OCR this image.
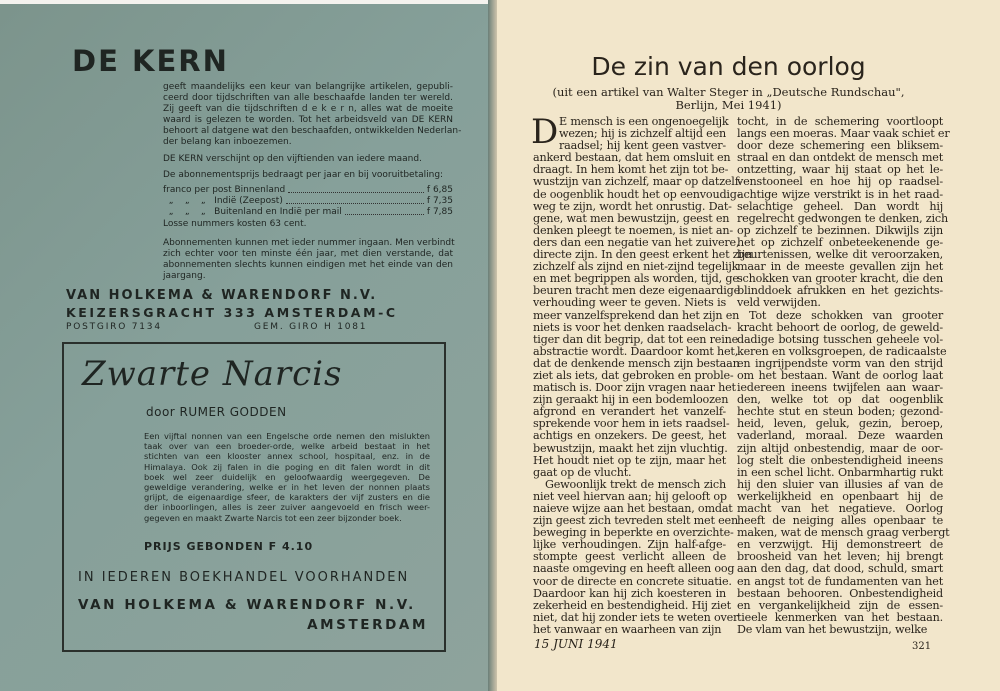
DE KERN
geeft maandelijks een keur van belangrijke artikelen, gepubli-
ceerd door tijdschriften van alle beschaafde landen ter wereld.
Zij geeft van die tijdschriften d e k e r n, alles wat de moeite
waard is gelezen te worden. Tot het arbeidsveld van DE KERN
behoort al datgene wat den beschaafden, ontwikkelden Nederlan-
der belang kan inboezemen.
DE KERN verschijnt op den vijftienden van iedere maand.
De abonnementsprijs bedraagt per jaar en bij vooruitbetaling:
franco per post Binnenland	f 6,85
„    „    „   Indië (Zeepost)	f 7,35
„    „    „   Buitenland en Indië per mail	f 7,85
Losse nummers kosten 63 cent.
Abonnementen kunnen met ieder nummer ingaan. Men verbindt
zich echter voor ten minste één jaar, met dien verstande, dat
abonnementen slechts kunnen eindigen met het einde van den
jaargang.
VAN HOLKEMA & WARENDORF N.V.
KEIZERSGRACHT 333 AMSTERDAM-C
POSTGIRO 7134	GEM. GIRO H 1081
Zwarte Narcis
door RUMER GODDEN
Een vijftal nonnen van een Engelsche orde nemen den mislukten
taak over van een broeder-orde, welke arbeid bestaat in het
stichten van een klooster annex school, hospitaal, enz. in de
Himalaya. Ook zij falen in die poging en dit falen wordt in dit
boek wel zeer duidelijk en geloofwaardig weergegeven. De
geweldige verandering, welke er in het leven der nonnen plaats
grijpt, de eigenaardige sfeer, de karakters der vijf zusters en die
der inboorlingen, alles is zeer zuiver aangevoeld en frisch weer-
gegeven en maakt Zwarte Narcis tot een zeer bijzonder boek.
PRIJS GEBONDEN F 4.10
IN IEDEREN BOEKHANDEL VOORHANDEN
VAN HOLKEMA & WARENDORF N.V.
AMSTERDAM
De zin van den oorlog
(uit een artikel van Walter Steger in „Deutsche Rundschau",
Berlijn, Mei 1941)
D E mensch is een ongenoegelijk
wezen; hij is zichzelf altijd een
raadsel; hij kent geen vastver-
ankerd bestaan, dat hem omsluit en
draagt. In hem komt het zijn tot be-
wustzijn van zichzelf, maar op datzelf-
de oogenblik houdt het op eenvoudig-
weg te zijn, wordt het onrustig. Dat-
gene, wat men bewustzijn, geest en
denken pleegt te noemen, is niet an-
ders dan een negatie van het zuivere,
directe zijn. In den geest erkent het zijn
zichzelf als zijnd en niet-zijnd tegelijk
en met begrippen als worden, tijd, ge-
beuren tracht men deze eigenaardige
verhouding weer te geven. Niets is
meer vanzelfsprekend dan het zijn en
niets is voor het denken raadselach-
tiger dan dit begrip, dat tot een reine
abstractie wordt. Daardoor komt het,
dat de denkende mensch zijn bestaan
ziet als iets, dat gebroken en proble-
matisch is. Door zijn vragen naar het
zijn geraakt hij in een bodemloozen
afgrond en verandert het vanzelf-
sprekende voor hem in iets raadsel-
achtigs en onzekers. De geest, het
bewustzijn, maakt het zijn vluchtig.
Het houdt niet op te zijn, maar het
gaat op de vlucht.
Gewoonlijk trekt de mensch zich
niet veel hiervan aan; hij gelooft op
naieve wijze aan het bestaan, omdat
zijn geest zich tevreden stelt met een
beweging in beperkte en overzichte-
lijke verhoudingen. Zijn half-afge-
stompte geest verlicht alleen de
naaste omgeving en heeft alleen oog
voor de directe en concrete situatie.
Daardoor kan hij zich koesteren in
zekerheid en bestendigheid. Hij ziet
niet, dat hij zonder iets te weten over
het vanwaar en waarheen van zijn
tocht, in de schemering voortloopt
langs een moeras. Maar vaak schiet er
door deze schemering een bliksem-
straal en dan ontdekt de mensch met
ontzetting, waar hij staat op het le-
venstooneel en hoe hij op raadsel-
achtige wijze verstrikt is in het raad-
selachtige geheel. Dan wordt hij
regelrecht gedwongen te denken, zich
op zichzelf te bezinnen. Dikwijls zijn
het op zichzelf onbeteekenende ge-
beurtenissen, welke dit veroorzaken,
maar in de meeste gevallen zijn het
schokken van grooter kracht, die den
blinddoek afrukken en het gezichts-
veld verwijden.
Tot deze schokken van grooter
kracht behoort de oorlog, de geweld-
dadige botsing tusschen geheele vol-
keren en volksgroepen, de radicaalste
en ingrijpendste vorm van den strijd
om het bestaan. Want de oorlog laat
iedereen ineens twijfelen aan waar-
den, welke tot op dat oogenblik
hechte stut en steun boden; gezond-
heid, leven, geluk, gezin, beroep,
vaderland, moraal. Deze waarden
zijn altijd onbestendig, maar de oor-
log stelt die onbestendigheid ineens
in een schel licht. Onbarmhartig rukt
hij den sluier van illusies af van de
werkelijkheid en openbaart hij de
macht van het negatieve. Oorlog
heeft de neiging alles openbaar te
maken, wat de mensch graag verbergt
en verzwijgt. Hij demonstreert de
broosheid van het leven; hij brengt
aan den dag, dat dood, schuld, smart
en angst tot de fundamenten van het
bestaan behooren. Onbestendigheid
en vergankelijkheid zijn de essen-
tieele kenmerken van het bestaan.
De vlam van het bewustzijn, welke
15 JUNI 1941	321
